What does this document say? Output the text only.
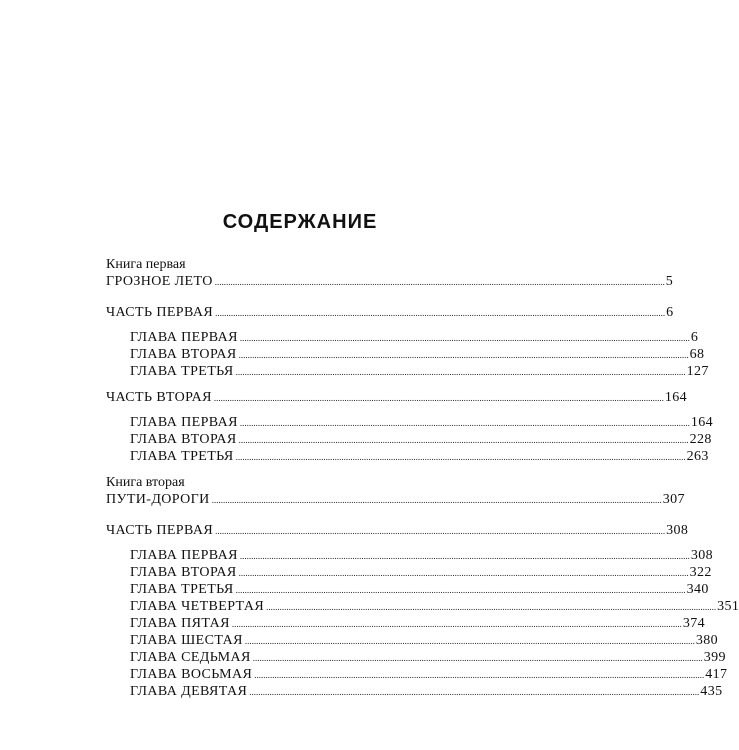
СОДЕРЖАНИЕ
Книга первая
ГРОЗНОЕ ЛЕТО ........................................................................................................................................................................................................ 5
ЧАСТЬ ПЕРВАЯ ........................................................................................................................................................................................................ 6
ГЛАВА ПЕРВАЯ ........................................................................................................................................................................................................ 6
ГЛАВА ВТОРАЯ ........................................................................................................................................................................................................ 68
ГЛАВА ТРЕТЬЯ ........................................................................................................................................................................................................ 127
ЧАСТЬ ВТОРАЯ ........................................................................................................................................................................................................ 164
ГЛАВА ПЕРВАЯ ........................................................................................................................................................................................................ 164
ГЛАВА ВТОРАЯ ........................................................................................................................................................................................................ 228
ГЛАВА ТРЕТЬЯ ........................................................................................................................................................................................................ 263
Книга вторая
ПУТИ-ДОРОГИ ........................................................................................................................................................................................................ 307
ЧАСТЬ ПЕРВАЯ ........................................................................................................................................................................................................ 308
ГЛАВА ПЕРВАЯ ........................................................................................................................................................................................................ 308
ГЛАВА ВТОРАЯ ........................................................................................................................................................................................................ 322
ГЛАВА ТРЕТЬЯ ........................................................................................................................................................................................................ 340
ГЛАВА ЧЕТВЕРТАЯ ........................................................................................................................................................................................................ 351
ГЛАВА ПЯТАЯ ........................................................................................................................................................................................................ 374
ГЛАВА ШЕСТАЯ ........................................................................................................................................................................................................ 380
ГЛАВА СЕДЬМАЯ ........................................................................................................................................................................................................ 399
ГЛАВА ВОСЬМАЯ ........................................................................................................................................................................................................ 417
ГЛАВА ДЕВЯТАЯ ........................................................................................................................................................................................................ 435
